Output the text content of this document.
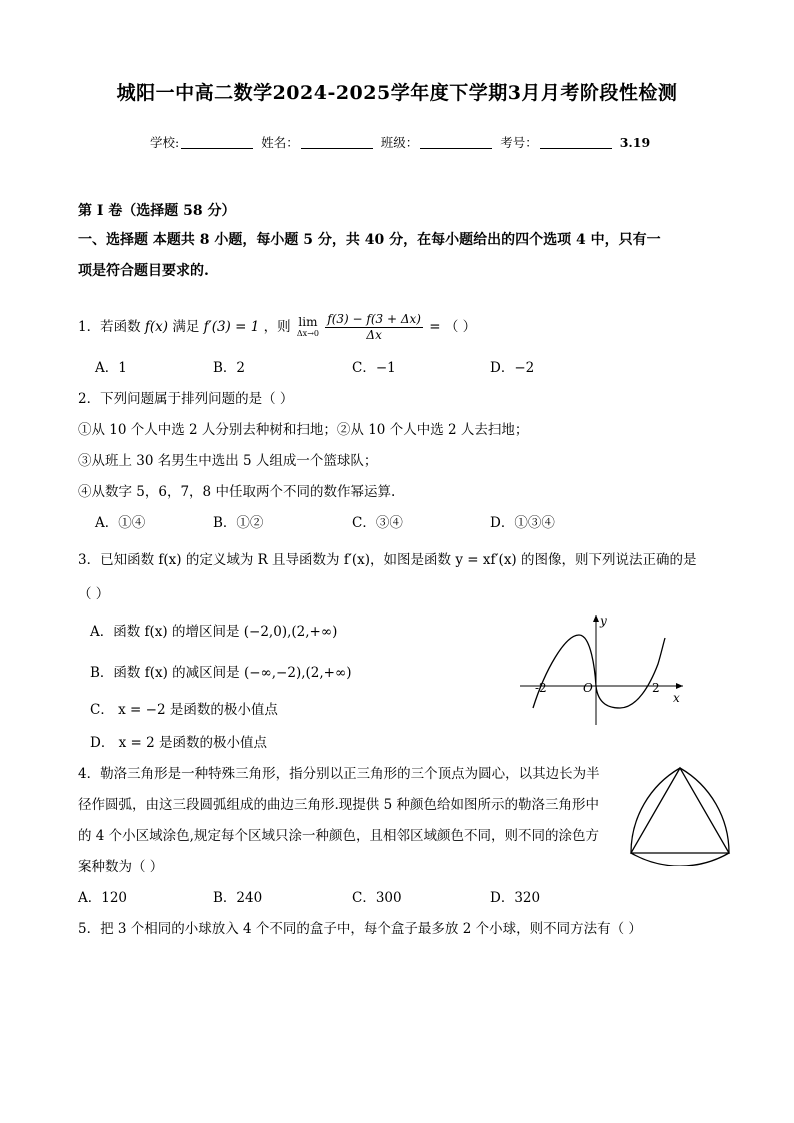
城阳一中高二数学2024-2025学年度下学期3月月考阶段性检测
学校:	姓名：	班级：	考号：	3.19
第 I 卷（选择题 58 分）
一、选择题 本题共 8 小题，每小题 5 分，共 40 分，在每小题给出的四个选项 4 中，只有一
项是符合题目要求的.
1．若函数 f(x) 满足 f′(3) = 1 ，则 lim
Δx→0
$\frac{f(3) - f(3 + \Delta x)}{\Delta x}$ = （ ）
A．1	B．2	C．−1	D．−2
2．下列问题属于排列问题的是（ ）
①从 10 个人中选 2 人分别去种树和扫地；②从 10 个人中选 2 人去扫地；
③从班上 30 名男生中选出 5 人组成一个篮球队；
④从数字 5，6，7，8 中任取两个不同的数作幂运算.
A．①④	B．①②	C．③④	D．①③④
3．已知函数 f(x) 的定义域为 R 且导函数为 f′(x)，如图是函数 y = xf′(x) 的图像，则下列说法正确的是
（ ）
A．函数 f(x) 的增区间是 (−2,0),(2,+∞)
B．函数 f(x) 的减区间是 (−∞,−2),(2,+∞)
C． x = −2 是函数的极小值点
D． x = 2 是函数的极小值点
y
x
O
-2	2
4．勒洛三角形是一种特殊三角形，指分别以正三角形的三个顶点为圆心，以其边长为半
径作圆弧，由这三段圆弧组成的曲边三角形.现提供 5 种颜色给如图所示的勒洛三角形中
的 4 个小区域涂色,规定每个区域只涂一种颜色，且相邻区域颜色不同，则不同的涂色方
案种数为（ ）
A．120	B．240	C．300	D．320
5．把 3 个相同的小球放入 4 个不同的盒子中，每个盒子最多放 2 个小球，则不同方法有（ ）
